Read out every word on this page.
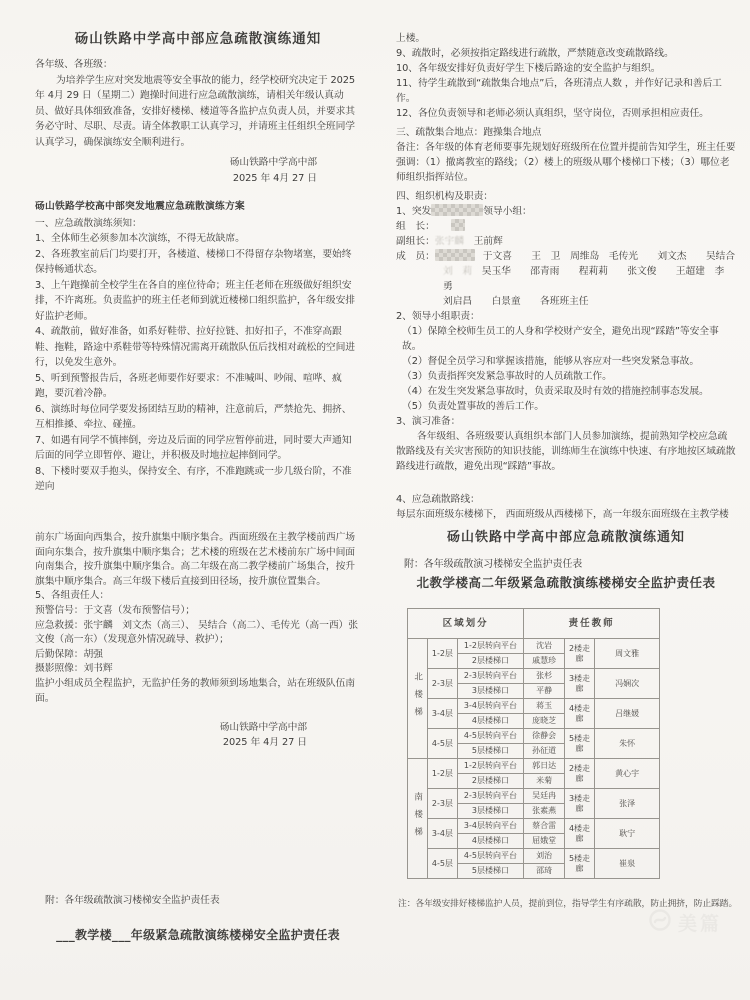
砀山铁路中学高中部应急疏散演练通知

各年级、各班级：

为培养学生应对突发地震等安全事故的能力，经学校研究决定于 2025年 4月 29 日（星期二）跑操时间进行应急疏散演练，请相关年级认真动员、做好具体细致准备，安排好楼梯、楼道等各监护点负责人员，并要求其务必守时、尽职、尽责。请全体教职工认真学习，并请班主任组织全班同学认真学习，确保演练安全顺利进行。

砀山铁路中学高中部

2025 年 4月 27 日

砀山铁路学校高中部突发地震应急疏散演练方案

一、应急疏散演练须知：

1、全体师生必须参加本次演练，不得无故缺席。

2、各班教室前后门均要打开，各楼道、楼梯口不得留存杂物堵塞，要始终保持畅通状态。

3、上午跑操前全校学生在各自的座位待命；班主任老师在班级做好组织安排，不许离班。负责监护的班主任老师到就近楼梯口组织监护，各年级安排好监护老师。

4、疏散前，做好准备，如系好鞋带、拉好拉链、扣好扣子，不准穿高跟鞋、拖鞋，路途中系鞋带等特殊情况需离开疏散队伍后找相对疏松的空间进行，以免发生意外。

5、听到预警报告后，各班老师要作好要求：不准喊叫、吵闹、喧哗、疯跑，要沉着冷静。

6、演练时每位同学要发扬团结互助的精神，注意前后，严禁抢先、拥挤、互相推搡、牵拉、碰撞。

7、如遇有同学不慎摔倒，旁边及后面的同学应暂停前进，同时要大声通知后面的同学立即暂停、避让，并积极及时地拉起摔倒同学。

8、下楼时要双手抱头，保持安全、有序，不准跑跳或一步几级台阶，不准逆向

前东广场面向西集合，按升旗集中顺序集合。西面班级在主教学楼前西广场面向东集合，按升旗集中顺序集合；艺术楼的班级在艺术楼前东广场中间面向南集合，按升旗集中顺序集合。高二年级在高二教学楼前广场集合，按升旗集中顺序集合。高三年级下楼后直接到田径场，按升旗位置集合。

5、各组责任人：

预警信号：于文喜（发布预警信号）；

应急救援：张宇麟　刘文杰（高三）、 吴结合（高二）、毛传光（高一西）张文俊（高一东）（发现意外情况疏导、救护）；

后勤保障：胡强

摄影照像：刘书辉

监护小组成员全程监护，无监护任务的教师须到场地集合，站在班级队伍南面。

砀山铁路中学高中部

2025 年 4月 27 日

附：各年级疏散演习楼梯安全监护责任表

___教学楼___年级紧急疏散演练楼梯安全监护责任表

上楼。

9、疏散时，必须按指定路线进行疏散，严禁随意改变疏散路线。

10、各年级安排好负责好学生下楼后路途的安全监护与组织。

11、待学生疏散到“疏散集合地点”后，各班清点人数 ，并作好记录和善后工作。

12、各位负责领导和老师必须认真组织，坚守岗位，否则承担相应责任。

三、疏散集合地点：跑操集合地点

备注：各年级的体育老师要事先规划好班级所在位置并提前告知学生，班主任要强调：（1）撤离教室的路线；（2）楼上的班级从哪个楼梯口下楼；（3）哪位老师组织指挥站位。

四、组织机构及职责：

1、突发	领导小组：

组　长：

副组长：张宇麟　 王前辉

成　员：	于文喜　　王　卫　周维岛　毛传光　　刘文杰　　吴结合

刘　莉　吴玉华　　邵青雨　　程莉莉　　张文俊　　王超建　李　勇

刘启昌　　白景童　　各班班主任

2、领导小组职责：

（1）保障全校师生员工的人身和学校财产安全，避免出现“踩踏”等安全事故。

（2）督促全员学习和掌握该措施，能够从容应对一些突发紧急事故。

（3）负责指挥突发紧急事故时的人员疏散工作。

（4）在发生突发紧急事故时，负责采取及时有效的措施控制事态发展。

（5）负责处置事故的善后工作。

3、演习准备：

各年级组、各班级要认真组织本部门人员参加演练，提前熟知学校应急疏散路线及有关灾害预防的知识技能，训练师生在演练中快速、有序地按区域疏散路线进行疏散，避免出现“踩踏”事故。

4、应急疏散路线：

每层东面班级东楼梯下， 西面班级从西楼梯下，高一年级东面班级在主教学楼

砀山铁路中学高中部应急疏散演练通知

附：各年级疏散演习楼梯安全监护责任表

北教学楼高二年级紧急疏散演练楼梯安全监护责任表

区域划分			责任教师		
北楼梯	1-2层	1-2层转向平台	沈岩	2楼走廊	周文雅
		2层楼梯口	戚慧珍		
	2-3层	2-3层转向平台	张杉	3楼走廊	冯娴次
		3层楼梯口	平静		
	3-4层	3-4层转向平台	蒋玉	4楼走廊	吕继媛
		4层楼梯口	庞晓芝		
	4-5层	4-5层转向平台	徐静会	5楼走廊	朱怀
		5层楼梯口	孙征道		
南楼梯	1-2层	1-2层转向平台	郭日达	2楼走廊	黄心宇
		2层楼梯口	米菊		
	2-3层	2-3层转向平台	吴廷冉	3楼走廊	张泽
		3层楼梯口	张素燕		
	3-4层	3-4层转向平台	蔡合雷	4楼走廊	耿宁
		4层楼梯口	屈娥堂		
	4-5层	4-5层转向平台	刘治	5楼走廊	崔泉
		5层楼梯口	邵琦		

注：各年级安排好楼梯监护人员，提前到位，指导学生有序疏散，防止拥挤，防止踩踏。

美篇
